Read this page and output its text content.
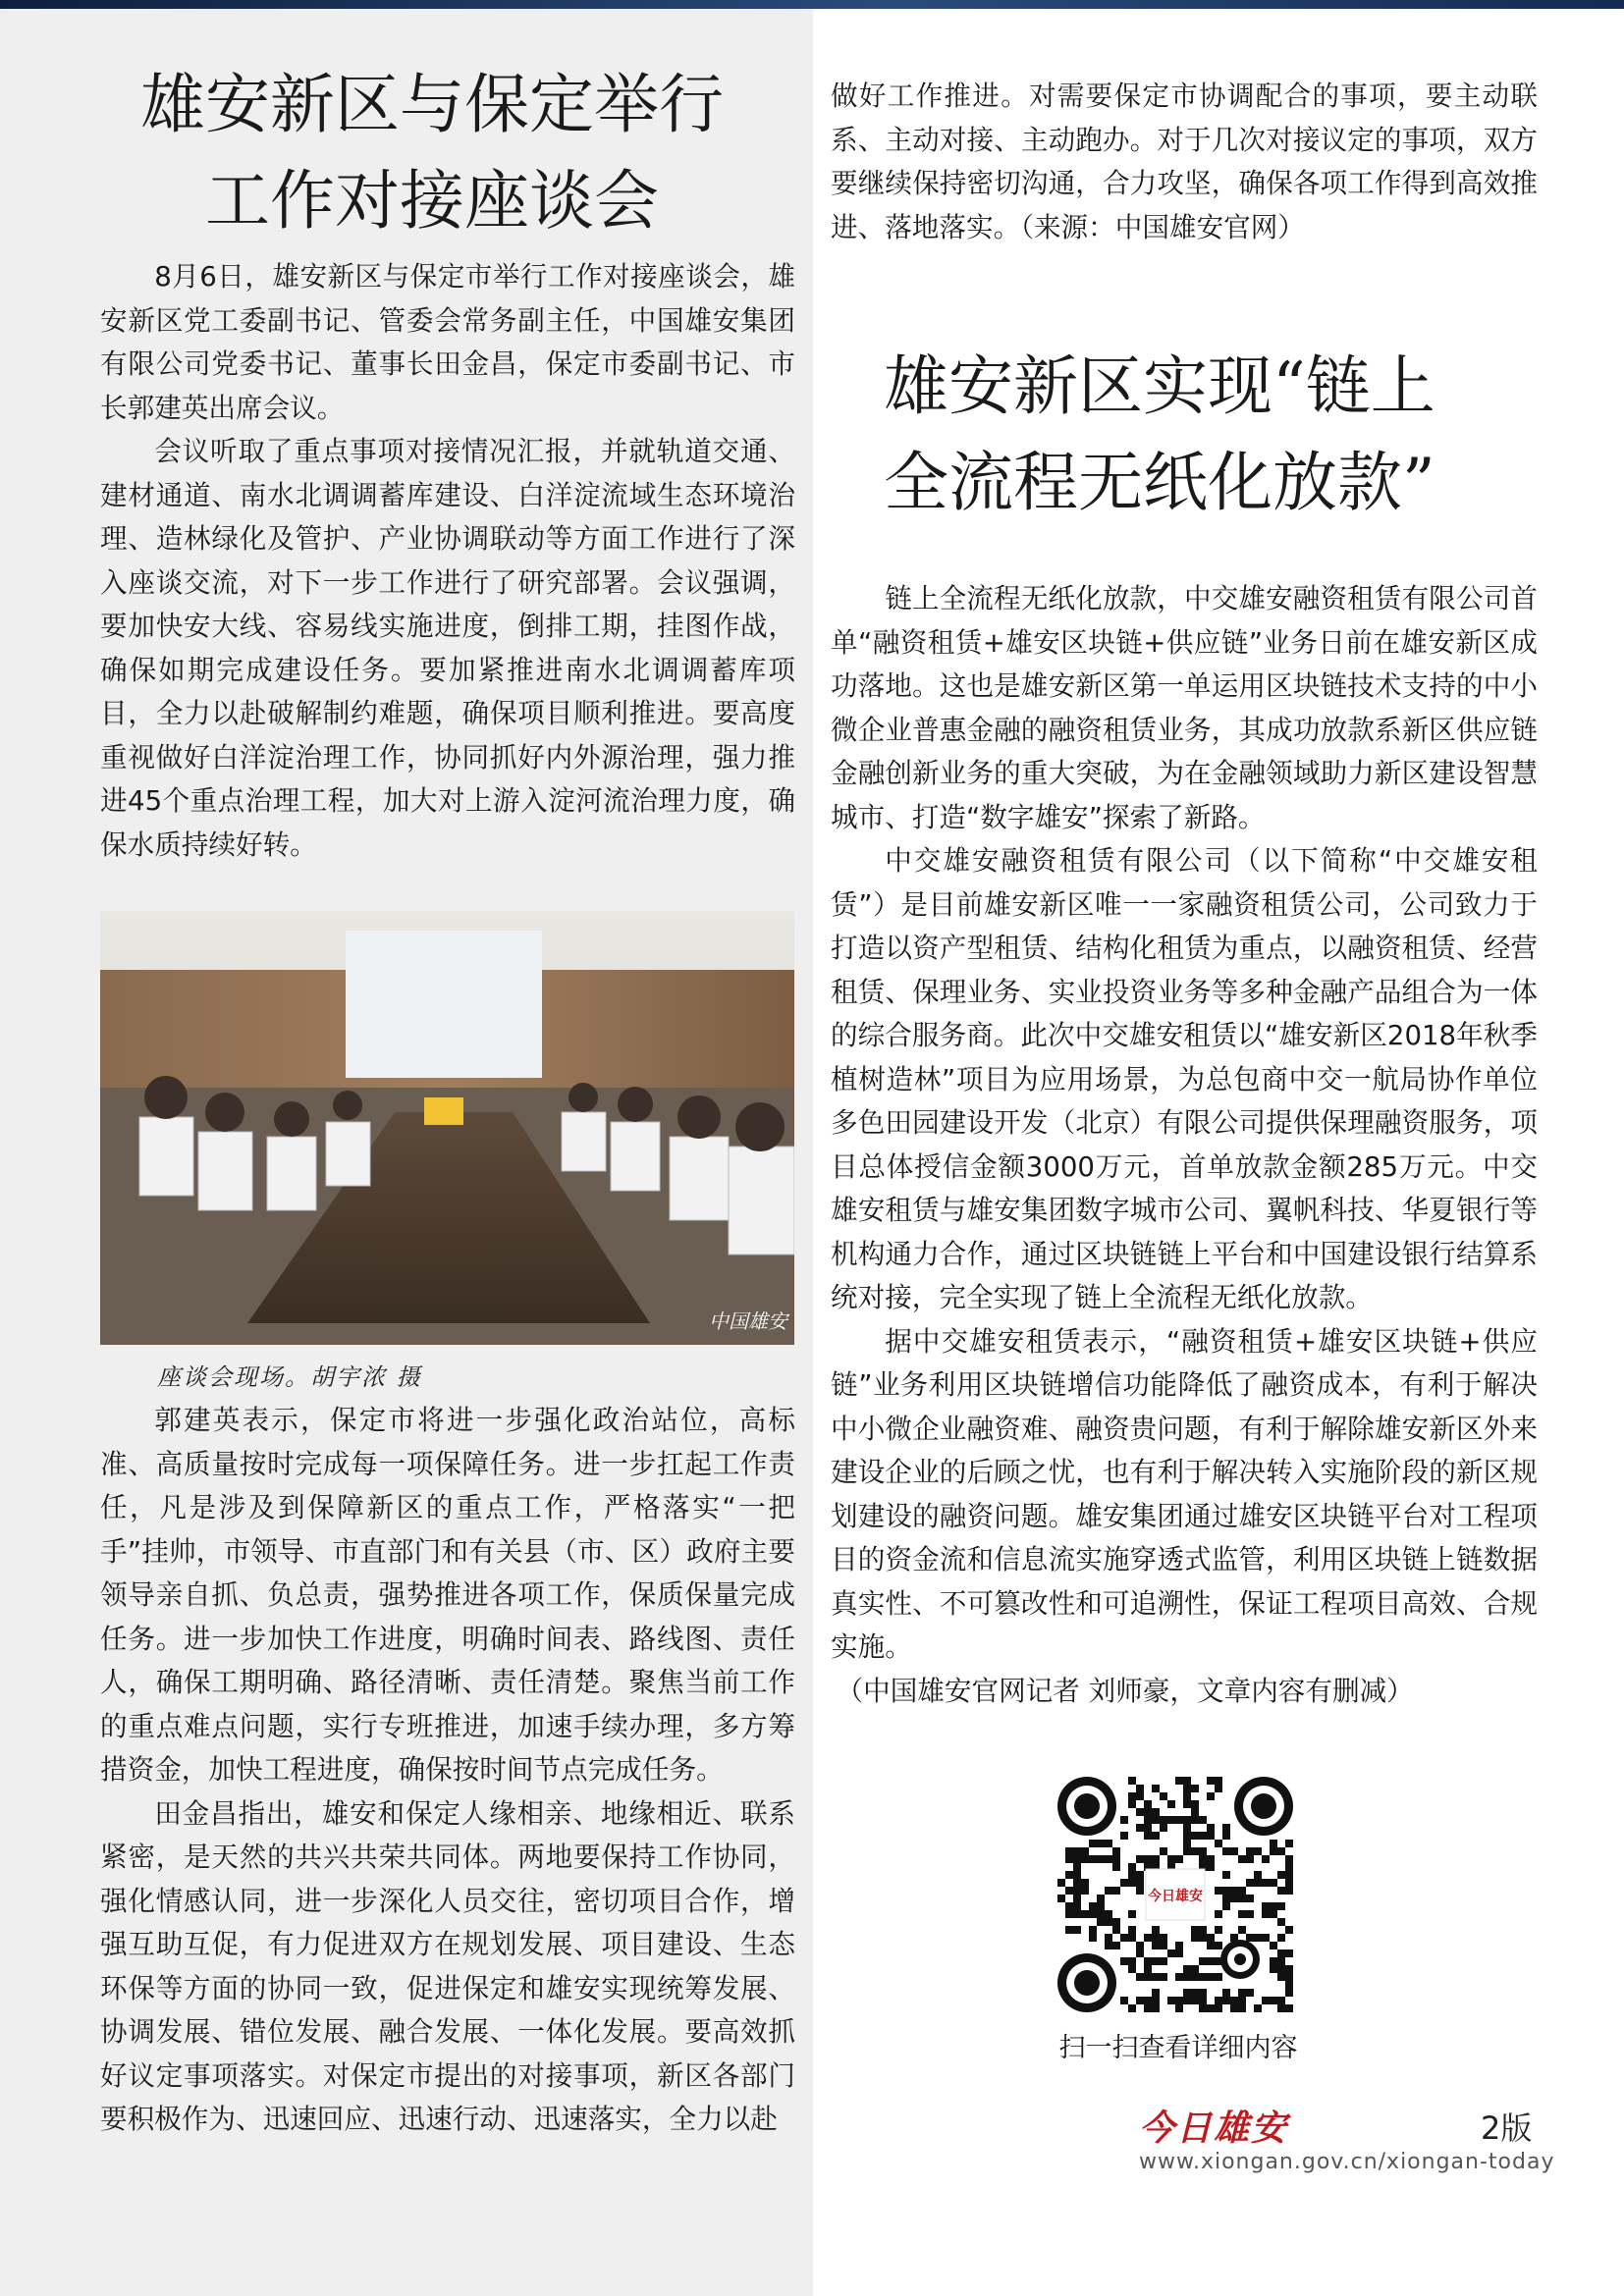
雄安新区与保定举行
工作对接座谈会

8月6日，雄安新区与保定市举行工作对接座谈会，雄安新区党工委副书记、管委会常务副主任，中国雄安集团有限公司党委书记、董事长田金昌，保定市委副书记、市长郭建英出席会议。

会议听取了重点事项对接情况汇报，并就轨道交通、建材通道、南水北调调蓄库建设、白洋淀流域生态环境治理、造林绿化及管护、产业协调联动等方面工作进行了深入座谈交流，对下一步工作进行了研究部署。会议强调，要加快安大线、容易线实施进度，倒排工期，挂图作战，确保如期完成建设任务。要加紧推进南水北调调蓄库项目，全力以赴破解制约难题，确保项目顺利推进。要高度重视做好白洋淀治理工作，协同抓好内外源治理，强力推进45个重点治理工程，加大对上游入淀河流治理力度，确保水质持续好转。

中国雄安
座谈会现场。胡宇浓 摄

郭建英表示，保定市将进一步强化政治站位，高标准、高质量按时完成每一项保障任务。进一步扛起工作责任，凡是涉及到保障新区的重点工作，严格落实“一把手”挂帅，市领导、市直部门和有关县（市、区）政府主要领导亲自抓、负总责，强势推进各项工作，保质保量完成任务。进一步加快工作进度，明确时间表、路线图、责任人，确保工期明确、路径清晰、责任清楚。聚焦当前工作的重点难点问题，实行专班推进，加速手续办理，多方筹措资金，加快工程进度，确保按时间节点完成任务。

田金昌指出，雄安和保定人缘相亲、地缘相近、联系紧密，是天然的共兴共荣共同体。两地要保持工作协同，强化情感认同，进一步深化人员交往，密切项目合作，增强互助互促，有力促进双方在规划发展、项目建设、生态环保等方面的协同一致，促进保定和雄安实现统筹发展、协调发展、错位发展、融合发展、一体化发展。要高效抓好议定事项落实。对保定市提出的对接事项，新区各部门要积极作为、迅速回应、迅速行动、迅速落实，全力以赴

做好工作推进。对需要保定市协调配合的事项，要主动联系、主动对接、主动跑办。对于几次对接议定的事项，双方要继续保持密切沟通，合力攻坚，确保各项工作得到高效推进、落地落实。（来源：中国雄安官网）

雄安新区实现“链上
全流程无纸化放款”

链上全流程无纸化放款，中交雄安融资租赁有限公司首单“融资租赁+雄安区块链+供应链”业务日前在雄安新区成功落地。这也是雄安新区第一单运用区块链技术支持的中小微企业普惠金融的融资租赁业务，其成功放款系新区供应链金融创新业务的重大突破，为在金融领域助力新区建设智慧城市、打造“数字雄安”探索了新路。

中交雄安融资租赁有限公司（以下简称“中交雄安租赁”）是目前雄安新区唯一一家融资租赁公司，公司致力于打造以资产型租赁、结构化租赁为重点，以融资租赁、经营租赁、保理业务、实业投资业务等多种金融产品组合为一体的综合服务商。此次中交雄安租赁以“雄安新区2018年秋季植树造林”项目为应用场景，为总包商中交一航局协作单位多色田园建设开发（北京）有限公司提供保理融资服务，项目总体授信金额3000万元，首单放款金额285万元。中交雄安租赁与雄安集团数字城市公司、翼帆科技、华夏银行等机构通力合作，通过区块链链上平台和中国建设银行结算系统对接，完全实现了链上全流程无纸化放款。

据中交雄安租赁表示，“融资租赁+雄安区块链+供应链”业务利用区块链增信功能降低了融资成本，有利于解决中小微企业融资难、融资贵问题，有利于解除雄安新区外来建设企业的后顾之忧，也有利于解决转入实施阶段的新区规划建设的融资问题。雄安集团通过雄安区块链平台对工程项目的资金流和信息流实施穿透式监管，利用区块链上链数据真实性、不可篡改性和可追溯性，保证工程项目高效、合规实施。

（中国雄安官网记者 刘师豪，文章内容有删减）

今日雄安
扫一扫查看详细内容
今日雄安	2版
www.xiongan.gov.cn/xiongan-today
